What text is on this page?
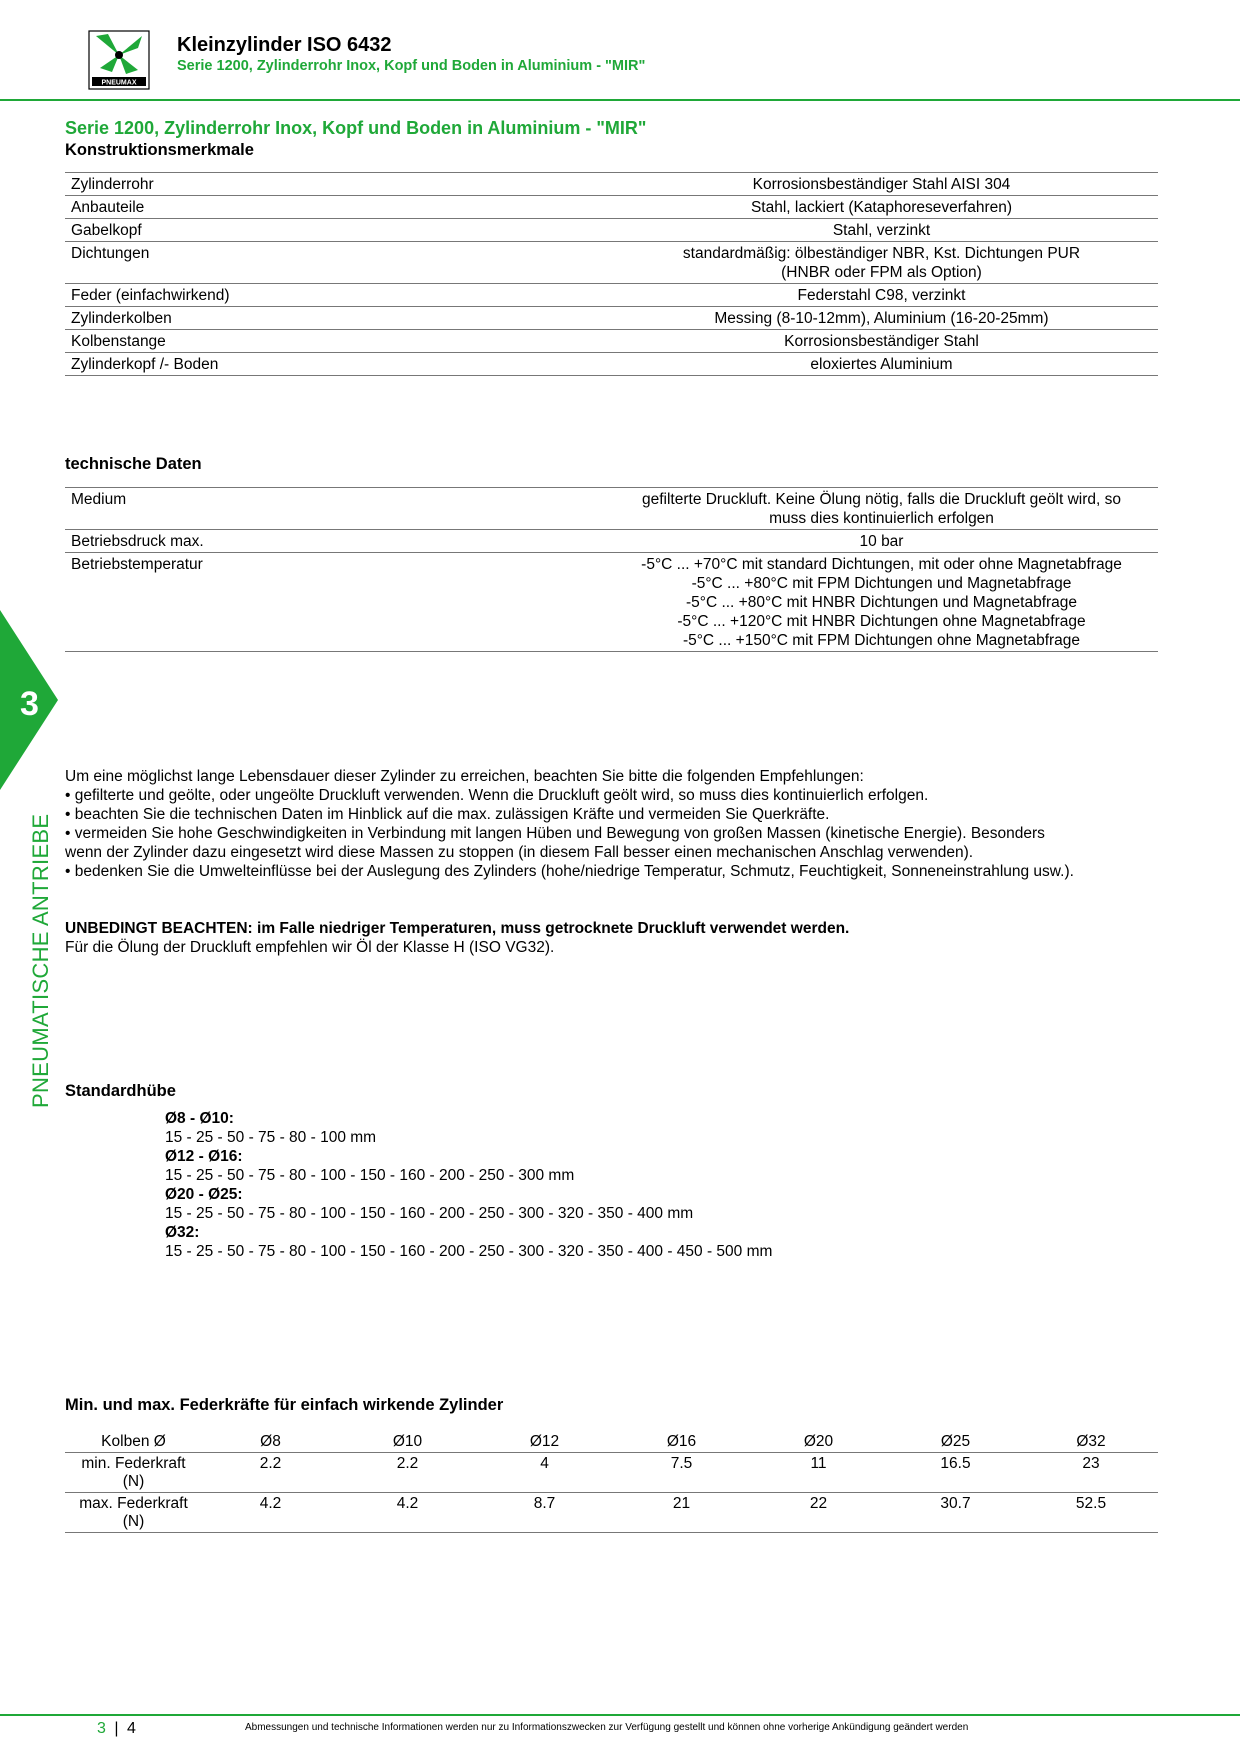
PNEUMAX
Kleinzylinder ISO 6432
Serie 1200, Zylinderrohr Inox, Kopf und Boden in Aluminium - "MIR"
Serie 1200, Zylinderrohr Inox, Kopf und Boden in Aluminium - "MIR"
Konstruktionsmerkmale
Zylinderrohr	Korrosionsbeständiger Stahl AISI 304
Anbauteile	Stahl, lackiert (Kataphoreseverfahren)
Gabelkopf	Stahl, verzinkt
Dichtungen	standardmäßig: ölbeständiger NBR, Kst. Dichtungen PUR
(HNBR oder FPM als Option)
Feder (einfachwirkend)	Federstahl C98, verzinkt
Zylinderkolben	Messing (8-10-12mm), Aluminium (16-20-25mm)
Kolbenstange	Korrosionsbeständiger Stahl
Zylinderkopf /- Boden	eloxiertes Aluminium
technische Daten
Medium	gefilterte Druckluft. Keine Ölung nötig, falls die Druckluft geölt wird, so
muss dies kontinuierlich erfolgen
Betriebsdruck max.	10 bar
Betriebstemperatur	-5°C ... +70°C mit standard Dichtungen, mit oder ohne Magnetabfrage
-5°C ... +80°C mit FPM Dichtungen und Magnetabfrage
-5°C ... +80°C mit HNBR Dichtungen und Magnetabfrage
-5°C ... +120°C mit HNBR Dichtungen ohne Magnetabfrage
-5°C ... +150°C mit FPM Dichtungen ohne Magnetabfrage
3
PNEUMATISCHE ANTRIEBE

Um eine möglichst lange Lebensdauer dieser Zylinder zu erreichen, beachten Sie bitte die folgenden Empfehlungen:

• gefilterte und geölte, oder ungeölte Druckluft verwenden. Wenn die Druckluft geölt wird, so muss dies kontinuierlich erfolgen.

• beachten Sie die technischen Daten im Hinblick auf die max. zulässigen Kräfte und vermeiden Sie Querkräfte.

• vermeiden Sie hohe Geschwindigkeiten in Verbindung mit langen Hüben und Bewegung von großen Massen (kinetische Energie). Besonders

wenn der Zylinder dazu eingesetzt wird diese Massen zu stoppen (in diesem Fall besser einen mechanischen Anschlag verwenden).

• bedenken Sie die Umwelteinflüsse bei der Auslegung des Zylinders (hohe/niedrige Temperatur, Schmutz, Feuchtigkeit, Sonneneinstrahlung usw.).

UNBEDINGT BEACHTEN: im Falle niedriger Temperaturen, muss getrocknete Druckluft verwendet werden.

Für die Ölung der Druckluft empfehlen wir Öl der Klasse H (ISO VG32).

Standardhübe

Ø8 - Ø10:

15 - 25 - 50 - 75 - 80 - 100 mm

Ø12 - Ø16:

15 - 25 - 50 - 75 - 80 - 100 - 150 - 160 - 200 - 250 - 300 mm

Ø20 - Ø25:

15 - 25 - 50 - 75 - 80 - 100 - 150 - 160 - 200 - 250 - 300 - 320 - 350 - 400 mm

Ø32:

15 - 25 - 50 - 75 - 80 - 100 - 150 - 160 - 200 - 250 - 300 - 320 - 350 - 400 - 450 - 500 mm

Min. und max. Federkräfte für einfach wirkende Zylinder
Kolben Ø	Ø8	Ø10	Ø12	Ø16	Ø20	Ø25	Ø32

min. Federkraft
(N)	2.2	2.2	4	7.5	11	16.5	23

max. Federkraft
(N)	4.2	4.2	8.7	21	22	30.7	52.5
3 | 4	Abmessungen und technische Informationen werden nur zu Informationszwecken zur Verfügung gestellt und können ohne vorherige Ankündigung geändert werden
